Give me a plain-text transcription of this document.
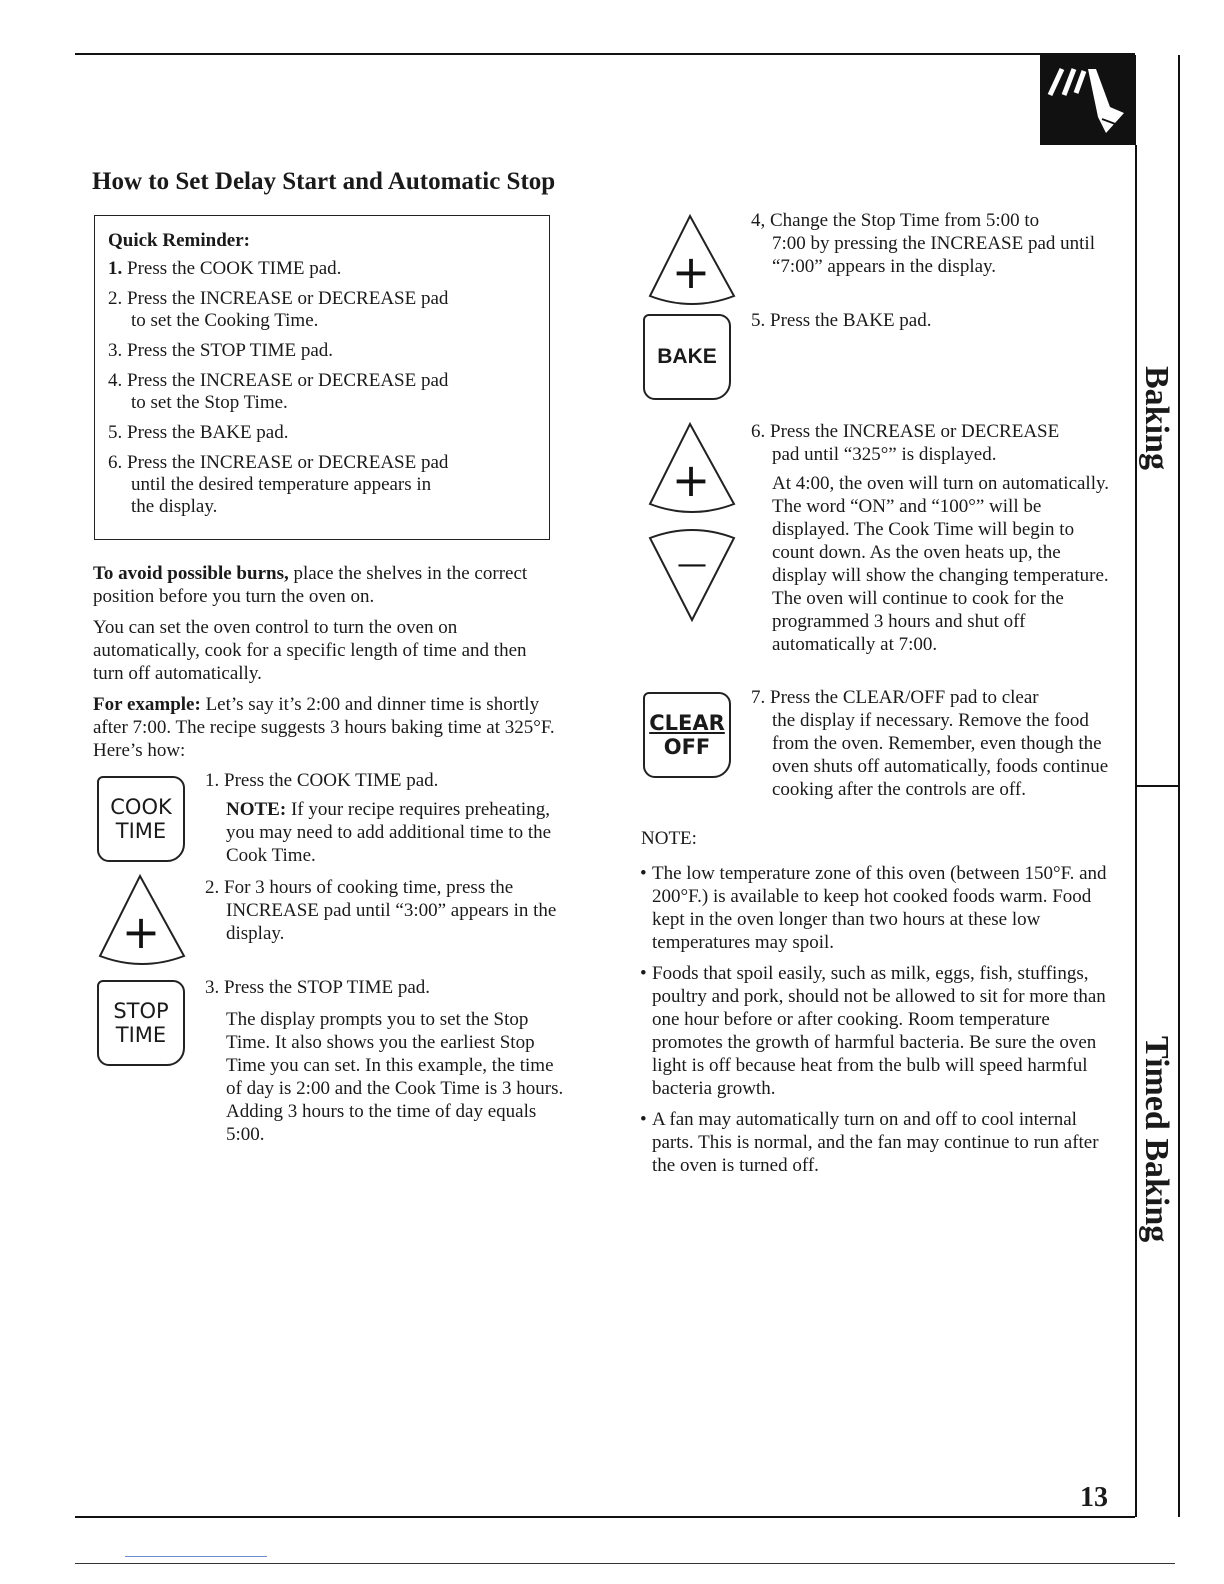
How to Set Delay Start and Automatic Stop
Quick Reminder:
1. Press the COOK TIME pad.
2. Press the INCREASE or DECREASE pad
to set the Cooking Time.
3. Press the STOP TIME pad.
4. Press the INCREASE or DECREASE pad
to set the Stop Time.
5. Press the BAKE pad.
6. Press the INCREASE or DECREASE pad
until the desired temperature appears in
the display.
To avoid possible burns, place the shelves in the correct position before you turn the oven on.
You can set the oven control to turn the oven on automatically, cook for a specific length of time and then turn off automatically.
For example: Let’s say it’s 2:00 and dinner time is shortly after 7:00. The recipe suggests 3 hours baking time at 325°F. Here’s how:
COOK
TIME
+
STOP
TIME
1. Press the COOK TIME pad.
NOTE: If your recipe requires preheating, you may need to add additional time to the Cook Time.
2. For 3 hours of cooking time, press the
INCREASE pad until “3:00” appears in the display.
3. Press the STOP TIME pad.
The display prompts you to set the Stop Time. It also shows you the earliest Stop Time you can set. In this example, the time of day is 2:00 and the Cook Time is 3 hours. Adding 3 hours to the time of day equals 5:00.
+
BAKE
+
—
CLEAR
OFF
4, Change the Stop Time from 5:00 to
7:00 by pressing the INCREASE pad until “7:00” appears in the display.
5. Press the BAKE pad.
6. Press the INCREASE or DECREASE
pad until “325°” is displayed.
At 4:00, the oven will turn on automatically. The word “ON” and “100°” will be displayed. The Cook Time will begin to count down. As the oven heats up, the display will show the changing temperature. The oven will continue to cook for the programmed 3 hours and shut off automatically at 7:00.
7. Press the CLEAR/OFF pad to clear
the display if necessary. Remove the food from the oven. Remember, even though the oven shuts off automatically, foods continue cooking after the controls are off.
NOTE:
• The low temperature zone of this oven (between 150°F. and 200°F.) is available to keep hot cooked foods warm. Food kept in the oven longer than two hours at these low temperatures may spoil.
• Foods that spoil easily, such as milk, eggs, fish, stuffings, poultry and pork, should not be allowed to sit for more than one hour before or after cooking. Room temperature promotes the growth of harmful bacteria. Be sure the oven light is off because heat from the bulb will speed harmful bacteria growth.
• A fan may automatically turn on and off to cool internal parts. This is normal, and the fan may continue to run after the oven is turned off.
Baking
Timed Baking
13
